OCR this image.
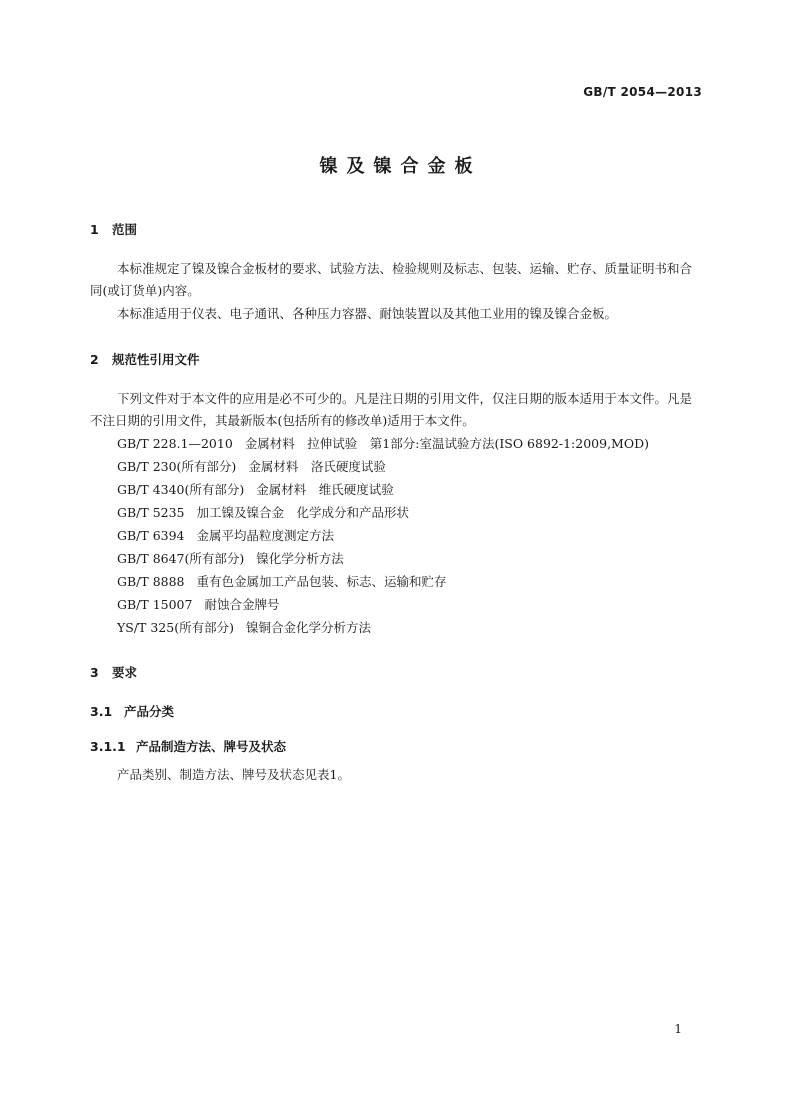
GB/T 2054—2013
镍及镍合金板
1 范围
本标准规定了镍及镍合金板材的要求、试验方法、检验规则及标志、包装、运输、贮存、质量证明书和合同(或订货单)内容。
本标准适用于仪表、电子通讯、各种压力容器、耐蚀装置以及其他工业用的镍及镍合金板。
2 规范性引用文件
下列文件对于本文件的应用是必不可少的。凡是注日期的引用文件，仅注日期的版本适用于本文件。凡是不注日期的引用文件，其最新版本(包括所有的修改单)适用于本文件。
GB/T 228.1—2010 金属材料　拉伸试验　第1部分:室温试验方法(ISO 6892-1:2009,MOD)
GB/T 230(所有部分) 金属材料　洛氏硬度试验
GB/T 4340(所有部分) 金属材料　维氏硬度试验
GB/T 5235 加工镍及镍合金　化学成分和产品形状
GB/T 6394 金属平均晶粒度测定方法
GB/T 8647(所有部分) 镍化学分析方法
GB/T 8888 重有色金属加工产品包装、标志、运输和贮存
GB/T 15007 耐蚀合金牌号
YS/T 325(所有部分) 镍铜合金化学分析方法
3 要求
3.1 产品分类
3.1.1 产品制造方法、牌号及状态
产品类别、制造方法、牌号及状态见表1。
1
